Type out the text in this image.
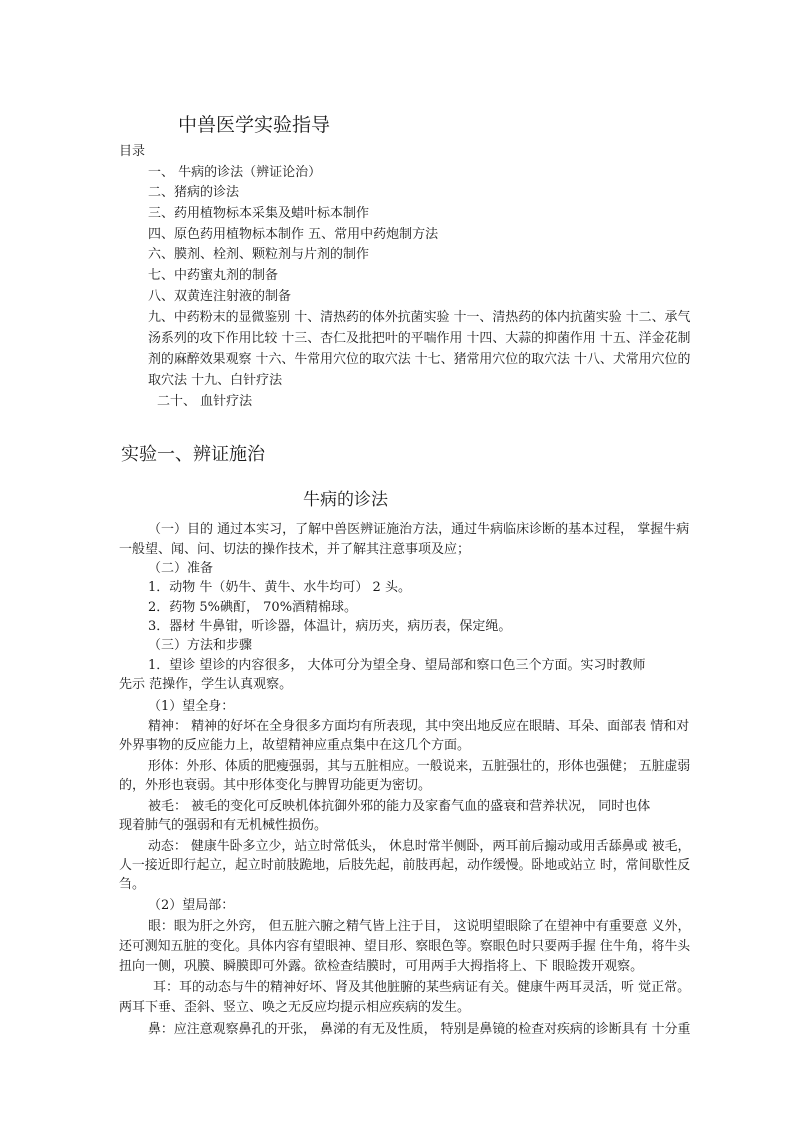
中兽医学实验指导
目录
一、 牛病的诊法（辨证论治）
二、猪病的诊法
三、药用植物标本采集及蜡叶标本制作
四、原色药用植物标本制作 五、常用中药炮制方法
六、膜剂、栓剂、颗粒剂与片剂的制作
七、中药蜜丸剂的制备
八、双黄连注射液的制备
九、中药粉末的显微鉴别 十、清热药的体外抗菌实验 十一、清热药的体内抗菌实验 十二、承气
汤系列的攻下作用比较 十三、杏仁及批把叶的平喘作用 十四、大蒜的抑菌作用 十五、洋金花制
剂的麻醉效果观察 十六、牛常用穴位的取穴法 十七、猪常用穴位的取穴法 十八、犬常用穴位的
取穴法 十九、白针疗法
二十、 血针疗法
实验一、辨证施治
牛病的诊法
（一）目的 通过本实习，了解中兽医辨证施治方法，通过牛病临床诊断的基本过程， 掌握牛病
一般望、闻、问、切法的操作技术，并了解其注意事项及应；
（二）准备
1．动物 牛（奶牛、黄牛、水牛均可） 2 头。
2．药物 5%碘酊， 70%酒精棉球。
3．器材 牛鼻钳，听诊器，体温计，病历夹，病历表，保定绳。
（三）方法和步骤
1．望诊 望诊的内容很多， 大体可分为望全身、望局部和察口色三个方面。实习时教师
先示 范操作，学生认真观察。
（1）望全身：
精神： 精神的好坏在全身很多方面均有所表现，其中突出地反应在眼睛、耳朵、面部表 情和对
外界事物的反应能力上，故望精神应重点集中在这几个方面。
形体：外形、体质的肥瘦强弱，其与五脏相应。一般说来，五脏强壮的，形体也强健； 五脏虚弱
的，外形也衰弱。其中形体变化与脾胃功能更为密切。
被毛： 被毛的变化可反映机体抗御外邪的能力及家畜气血的盛衰和营养状况， 同时也体
现着肺气的强弱和有无机械性损伤。
动态： 健康牛卧多立少，站立时常低头， 休息时常半侧卧，两耳前后搧动或用舌舔鼻或 被毛，
人一接近即行起立，起立时前肢跪地，后肢先起，前肢再起，动作缓慢。卧地或站立 时，常间歇性反
刍。
（2）望局部：
眼：眼为肝之外窍， 但五脏六腑之精气皆上注于目， 这说明望眼除了在望神中有重要意 义外，
还可测知五脏的变化。具体内容有望眼神、望目形、察眼色等。察眼色时只要两手握 住牛角，将牛头
扭向一侧，巩膜、瞬膜即可外露。欲检查结膜时，可用两手大拇指将上、下 眼睑拨开观察。
耳：耳的动态与牛的精神好坏、肾及其他脏腑的某些病证有关。健康牛两耳灵活，听 觉正常。
两耳下垂、歪斜、竖立、唤之无反应均提示相应疾病的发生。
鼻：应注意观察鼻孔的开张， 鼻涕的有无及性质， 特别是鼻镜的检查对疾病的诊断具有 十分重
